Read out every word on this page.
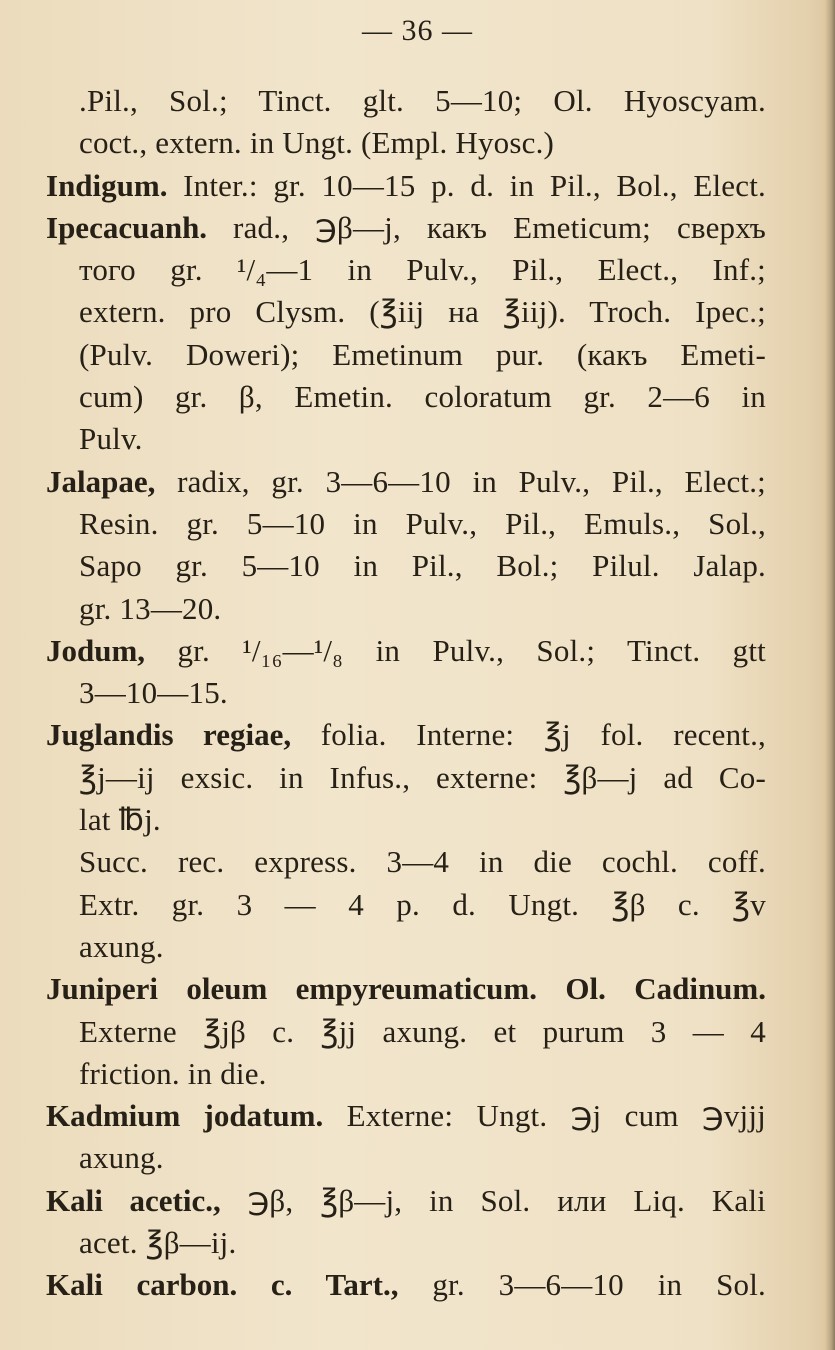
— 36 —
.Pil., Sol.; Tinct. glt. 5—10; Ol. Hyoscyam.
coct., extern. in Ungt. (Empl. Hyosc.)
Indigum. Inter.: gr. 10—15 p. d. in Pil., Bol., Elect.
Ipecacuanh. rad., ℈β—j, какъ Emeticum; сверхъ
того gr. ¹/₄—1 in Pulv., Pil., Elect., Inf.;
extern. pro Clysm. (℥iij на ℥iij). Troch. Ipec.;
(Pulv. Doweri); Emetinum pur. (какъ Emeti-
cum) gr. β, Emetin. coloratum gr. 2—6 in
Pulv.
Jalapae, radix, gr. 3—6—10 in Pulv., Pil., Elect.;
Resin. gr. 5—10 in Pulv., Pil., Emuls., Sol.,
Sapo gr. 5—10 in Pil., Bol.; Pilul. Jalap.
gr. 13—20.
Jodum, gr. ¹/₁₆—¹/₈ in Pulv., Sol.; Tinct. gtt
3—10—15.
Juglandis regiae, folia. Interne: ℥j fol. recent.,
℥j—ij exsic. in Infus., externe: ℥β—j ad Co-
lat ℔j.
Succ. rec. express. 3—4 in die cochl. coff.
Extr. gr. 3 — 4 p. d. Ungt. ℥β c. ℥v
axung.
Juniperi oleum empyreumaticum. Ol. Cadinum.
Externe ℥jβ c. ℥jj axung. et purum 3 — 4
friction. in die.
Kadmium jodatum. Externe: Ungt. ℈j cum ℈vjjj
axung.
Kali acetic., ℈β, ℥β—j, in Sol. или Liq. Kali
acet. ℥β—ij.
Kali carbon. c. Tart., gr. 3—6—10 in Sol.
